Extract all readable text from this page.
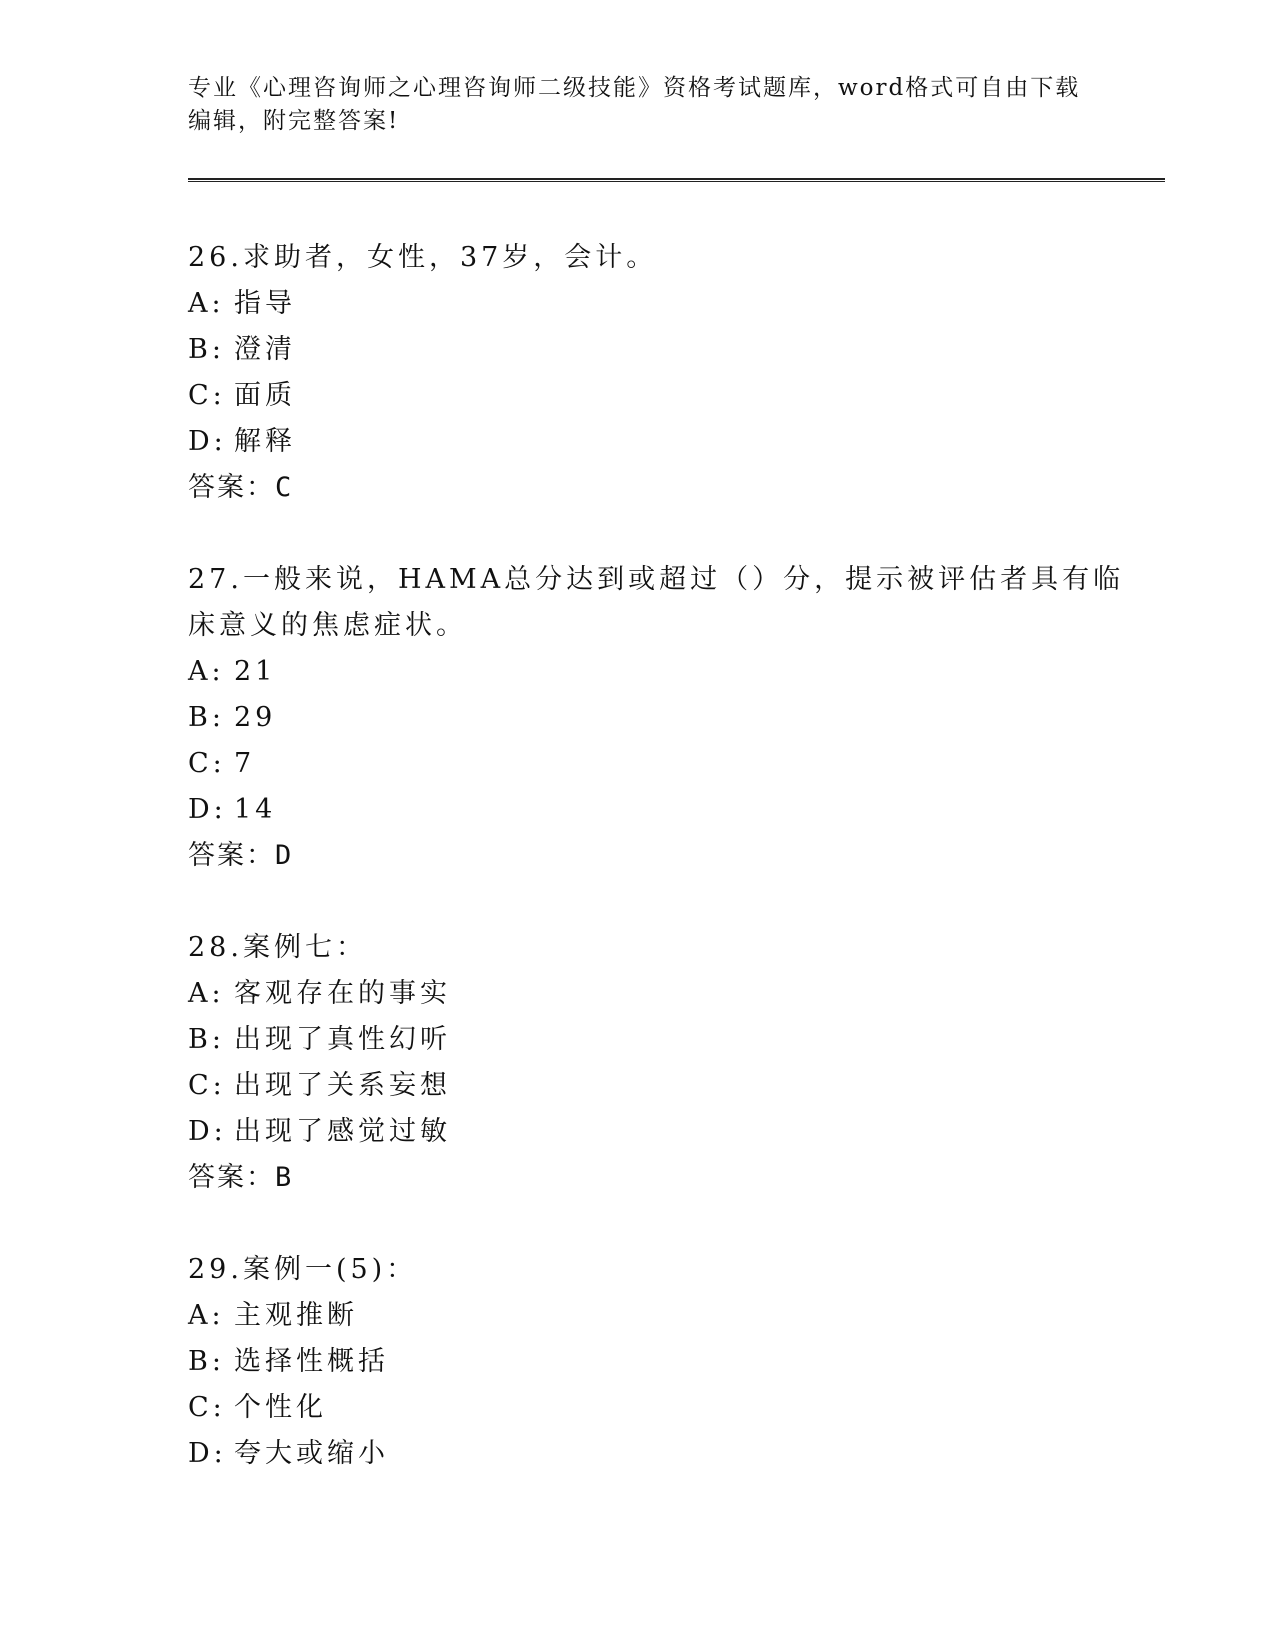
专业《心理咨询师之心理咨询师二级技能》资格考试题库，word格式可自由下载
编辑，附完整答案!
26.求助者，女性，37岁，会计。
A: 指导
B: 澄清
C: 面质
D: 解释
答案：C
27.一般来说，HAMA总分达到或超过（）分，提示被评估者具有临床意义的焦虑症状。
A: 21
B: 29
C: 7
D: 14
答案：D
28.案例七：
A: 客观存在的事实
B: 出现了真性幻听
C: 出现了关系妄想
D: 出现了感觉过敏
答案：B
29.案例一(5)：
A: 主观推断
B: 选择性概括
C: 个性化
D: 夸大或缩小
